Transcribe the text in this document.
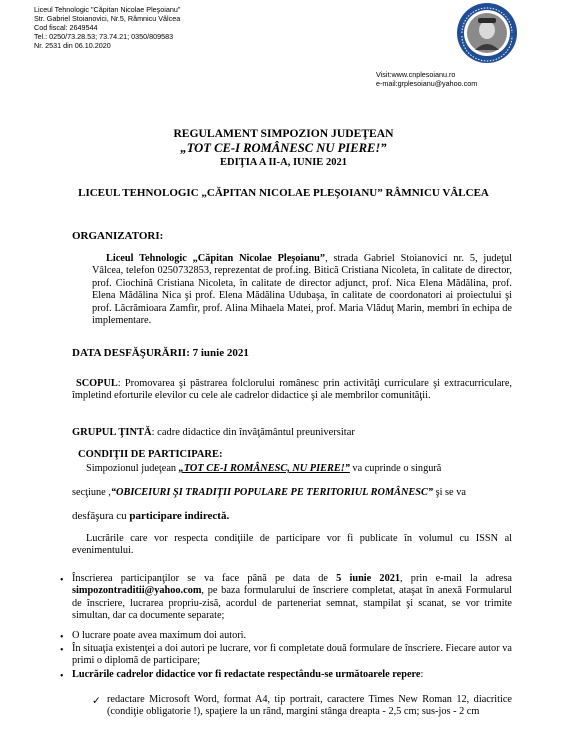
Liceul Tehnologic "Căpitan Nicolae Pleşoianu"
Str. Gabriel Stoianovici, Nr.5, Râmnicu Vâlcea
Cod fiscal: 2649544
Tel.: 0250/73.28.53; 73.74.21; 0350/809583
Nr. 2531 din 06.10.2020
Visit:www.cnplesoianu.ro
e-mail:grplesoianu@yahoo.com
REGULAMENT SIMPOZION JUDEŢEAN
„TOT CE-I ROMÂNESC NU PIERE!”
EDIŢIA A II-A, IUNIE 2021
LICEUL TEHNOLOGIC „CĂPITAN NICOLAE PLEŞOIANU” RÂMNICU VÂLCEA
ORGANIZATORI:
Liceul Tehnologic „Căpitan Nicolae Pleşoianu”, strada Gabriel Stoianovici nr. 5, judeţul Vâlcea, telefon 0250732853, reprezentat de prof.ing. Bitică Cristiana Nicoleta, în calitate de director, prof. Ciochină Cristiana Nicoleta, în calitate de director adjunct, prof. Nica Elena Mădălina, prof. Elena Mădălina Nica şi prof. Elena Mădălina Udubaşa, în calitate de coordonatori ai proiectului şi prof. Lăcrămioara Zamfir, prof. Alina Mihaela Matei, prof. Maria Vlăduţ Marin, membri în echipa de implementare.
DATA DESFĂŞURĂRII: 7 iunie 2021
SCOPUL: Promovarea şi păstrarea folclorului românesc prin activităţi curriculare şi extracurriculare, împletind eforturile elevilor cu cele ale cadrelor didactice şi ale membrilor comunităţii.
GRUPUL ŢINTĂ: cadre didactice din învăţământul preuniversitar
CONDIŢII DE PARTICIPARE:
Simpozionul judeţean „TOT CE-I ROMÂNESC, NU PIERE!” va cuprinde o singură
secţiune ,“OBICEIURI ŞI TRADIŢII POPULARE PE TERITORIUL ROMÂNESC” şi se va
desfăşura cu participare indirectă.
Lucrările care vor respecta condiţiile de participare vor fi publicate în volumul cu ISSN al evenimentului.
• Înscrierea participanţilor se va face până pe data de 5 iunie 2021, prin e-mail la adresa simpozontraditii@yahoo.com, pe baza formularului de înscriere completat, ataşat în anexă Formularul de înscriere, lucrarea propriu-zisă, acordul de parteneriat semnat, stampilat şi scanat, se vor trimite simultan, dar ca documente separate;
• O lucrare poate avea maximum doi autori.
• În situaţia existenţei a doi autori pe lucrare, vor fi completate două formulare de înscriere. Fiecare autor va primi o diplomă de participare;
• Lucrările cadrelor didactice vor fi redactate respectându-se următoarele repere:
✓ redactare Microsoft Word, format A4, tip portrait, caractere Times New Roman 12, diacritice (condiţie obligatorie !), spaţiere la un rând, margini stânga dreapta - 2,5 cm; sus-jos - 2 cm
